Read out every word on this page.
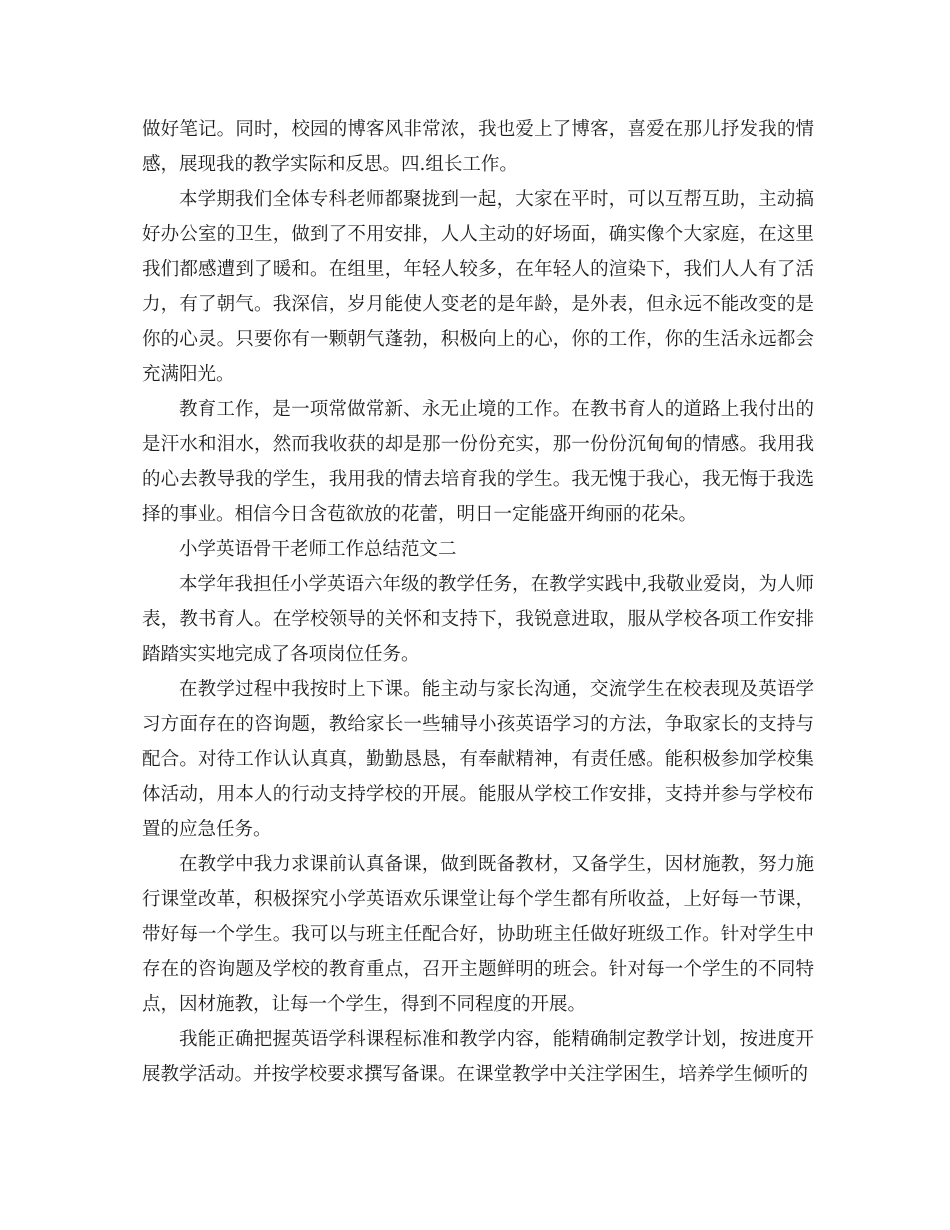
做好笔记。同时，校园的博客风非常浓，我也爱上了博客，喜爱在那儿抒发我的情感，展现我的教学实际和反思。四.组长工作。

本学期我们全体专科老师都聚拢到一起，大家在平时，可以互帮互助，主动搞好办公室的卫生，做到了不用安排，人人主动的好场面，确实像个大家庭，在这里我们都感遭到了暖和。在组里，年轻人较多，在年轻人的渲染下，我们人人有了活力，有了朝气。我深信，岁月能使人变老的是年龄，是外表，但永远不能改变的是你的心灵。只要你有一颗朝气蓬勃，积极向上的心，你的工作，你的生活永远都会充满阳光。

教育工作，是一项常做常新、永无止境的工作。在教书育人的道路上我付出的是汗水和泪水，然而我收获的却是那一份份充实，那一份份沉甸甸的情感。我用我的心去教导我的学生，我用我的情去培育我的学生。我无愧于我心，我无悔于我选择的事业。相信今日含苞欲放的花蕾，明日一定能盛开绚丽的花朵。

小学英语骨干老师工作总结范文二

本学年我担任小学英语六年级的教学任务，在教学实践中,我敬业爱岗，为人师表，教书育人。在学校领导的关怀和支持下，我锐意进取，服从学校各项工作安排踏踏实实地完成了各项岗位任务。

在教学过程中我按时上下课。能主动与家长沟通，交流学生在校表现及英语学习方面存在的咨询题，教给家长一些辅导小孩英语学习的方法，争取家长的支持与配合。对待工作认认真真，勤勤恳恳，有奉献精神，有责任感。能积极参加学校集体活动，用本人的行动支持学校的开展。能服从学校工作安排，支持并参与学校布置的应急任务。

在教学中我力求课前认真备课，做到既备教材，又备学生，因材施教，努力施行课堂改革，积极探究小学英语欢乐课堂让每个学生都有所收益，上好每一节课，带好每一个学生。我可以与班主任配合好，协助班主任做好班级工作。针对学生中存在的咨询题及学校的教育重点，召开主题鲜明的班会。针对每一个学生的不同特点，因材施教，让每一个学生，得到不同程度的开展。

我能正确把握英语学科课程标准和教学内容，能精确制定教学计划，按进度开展教学活动。并按学校要求撰写备课。在课堂教学中关注学困生，培养学生倾听的
